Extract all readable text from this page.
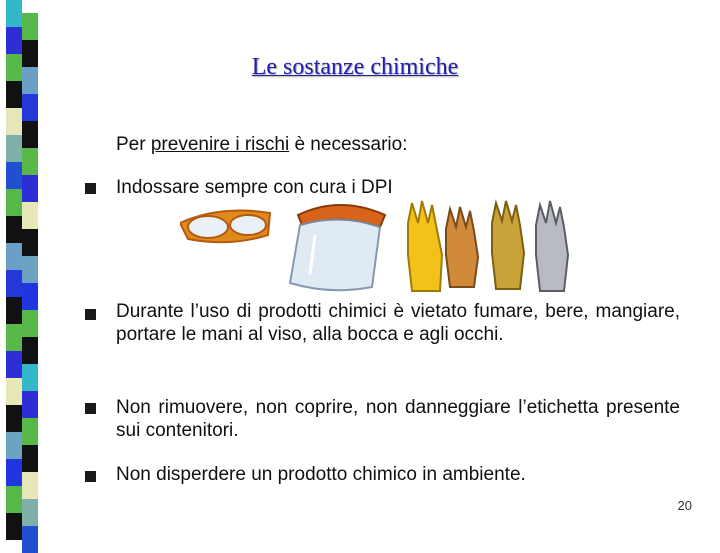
Le sostanze chimiche
Per prevenire i rischi è necessario:
Indossare sempre con cura i DPI
Durante l’uso di prodotti chimici è vietato fumare, bere, mangiare, portare le mani al viso, alla bocca e agli occhi.
Non rimuovere, non coprire, non danneggiare l’etichetta presente sui contenitori.
Non disperdere un prodotto chimico in ambiente.
20
